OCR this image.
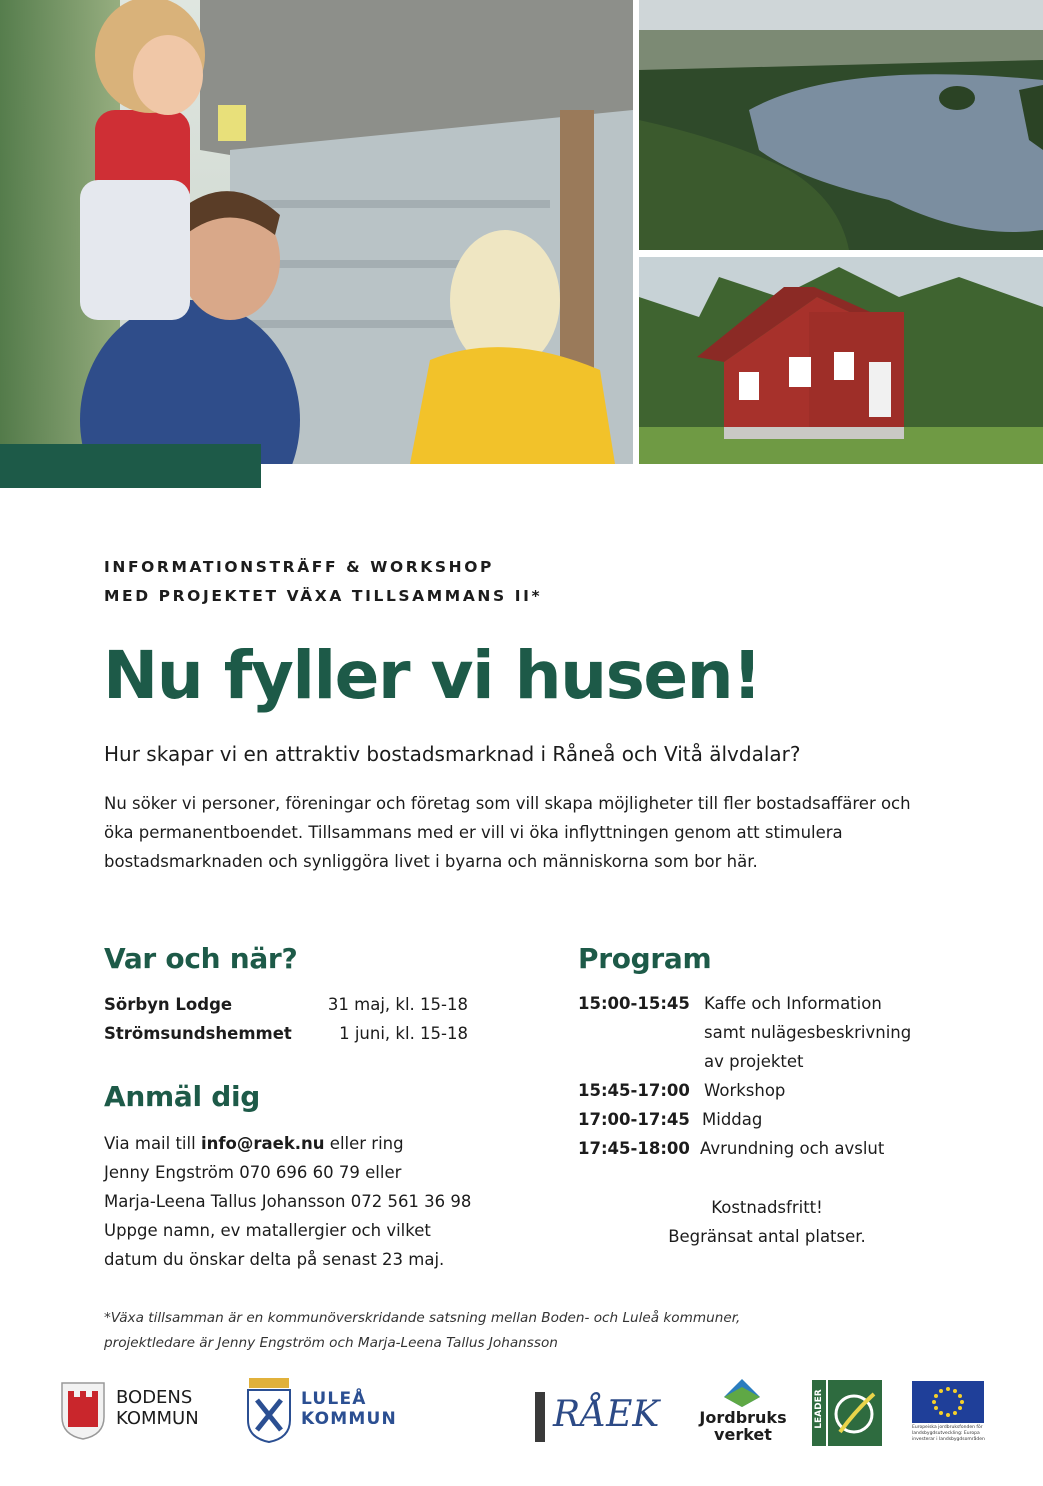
INFORMATIONSTRÄFF & WORKSHOP
MED PROJEKTET VÄXA TILLSAMMANS II*
Nu fyller vi husen!
Hur skapar vi en attraktiv bostadsmarknad i Råneå och Vitå älvdalar?
Nu söker vi personer, föreningar och företag som vill skapa möjligheter till fler bostadsaffärer och öka permanentboendet. Tillsammans med er vill vi öka inflyttningen genom att stimulera bostadsmarknaden och synliggöra livet i byarna och människorna som bor här.
Var och när?
Sörbyn Lodge	31 maj, kl. 15-18
Strömsundshemmet	1 juni, kl. 15-18
Anmäl dig
Via mail till info@raek.nu eller ring
Jenny Engström 070 696 60 79 eller
Marja-Leena Tallus Johansson 072 561 36 98
Uppge namn, ev matallergier och vilket
datum du önskar delta på senast 23 maj.
Program
15:00-15:45 Kaffe och Information
samt nulägesbeskrivning
av projektet
15:45-17:00 Workshop
17:00-17:45 Middag
17:45-18:00 Avrundning och avslut
Kostnadsfritt!
Begränsat antal platser.
*Växa tillsamman är en kommunöverskridande satsning mellan Boden- och Luleå kommuner,
projektledare är Jenny Engström och Marja-Leena Tallus Johansson
BODENS
KOMMUN
LULEÅ
KOMMUN	RÅEK	Jordbruks
verket
LEADER	Europeiska jordbruksfonden för
landsbygdsutveckling: Europa
investerar i landsbygdsområden
